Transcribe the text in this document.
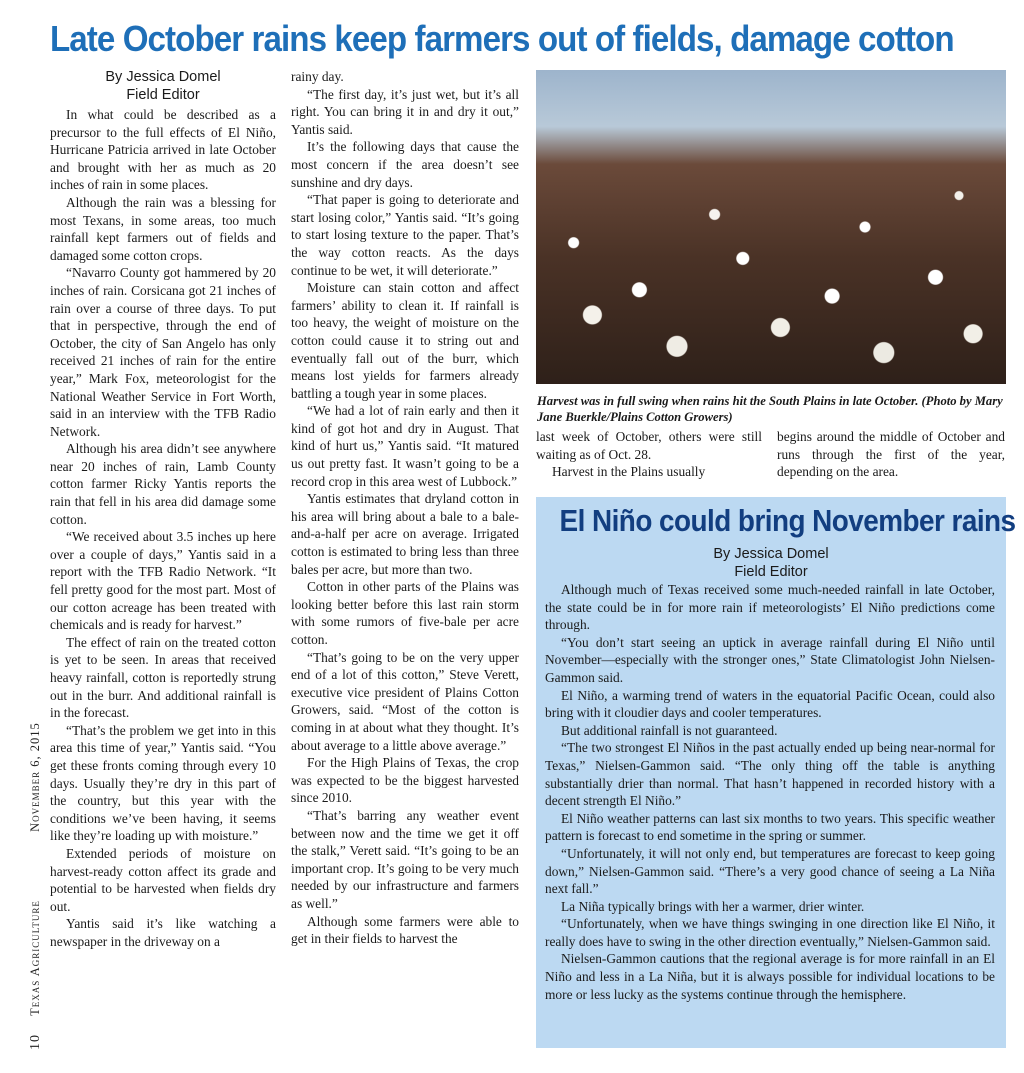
Late October rains keep farmers out of fields, damage cotton
By Jessica Domel
Field Editor

In what could be described as a precursor to the full effects of El Niño, Hurricane Patricia arrived in late October and brought with her as much as 20 inches of rain in some places.

Although the rain was a blessing for most Texans, in some areas, too much rainfall kept farmers out of fields and damaged some cotton crops.

“Navarro County got hammered by 20 inches of rain. Corsicana got 21 inches of rain over a course of three days. To put that in perspective, through the end of October, the city of San Angelo has only received 21 inches of rain for the entire year,” Mark Fox, meteorologist for the National Weather Service in Fort Worth, said in an interview with the TFB Radio Network.

Although his area didn’t see anywhere near 20 inches of rain, Lamb County cotton farmer Ricky Yantis reports the rain that fell in his area did damage some cotton.

“We received about 3.5 inches up here over a couple of days,” Yantis said in a report with the TFB Radio Network. “It fell pretty good for the most part. Most of our cotton acreage has been treated with chemicals and is ready for harvest.”

The effect of rain on the treated cotton is yet to be seen. In areas that received heavy rainfall, cotton is reportedly strung out in the burr. And additional rainfall is in the forecast.

“That’s the problem we get into in this area this time of year,” Yantis said. “You get these fronts coming through every 10 days. Usually they’re dry in this part of the country, but this year with the conditions we’ve been having, it seems like they’re loading up with moisture.”

Extended periods of moisture on harvest-ready cotton affect its grade and potential to be harvested when fields dry out.

Yantis said it’s like watching a newspaper in the driveway on a

rainy day.

“The first day, it’s just wet, but it’s all right. You can bring it in and dry it out,” Yantis said.

It’s the following days that cause the most concern if the area doesn’t see sunshine and dry days.

“That paper is going to deteriorate and start losing color,” Yantis said. “It’s going to start losing texture to the paper. That’s the way cotton reacts. As the days continue to be wet, it will deteriorate.”

Moisture can stain cotton and affect farmers’ ability to clean it. If rainfall is too heavy, the weight of moisture on the cotton could cause it to string out and eventually fall out of the burr, which means lost yields for farmers already battling a tough year in some places.

“We had a lot of rain early and then it kind of got hot and dry in August. That kind of hurt us,” Yantis said. “It matured us out pretty fast. It wasn’t going to be a record crop in this area west of Lubbock.”

Yantis estimates that dryland cotton in his area will bring about a bale to a bale-and-a-half per acre on average. Irrigated cotton is estimated to bring less than three bales per acre, but more than two.

Cotton in other parts of the Plains was looking better before this last rain storm with some rumors of five-bale per acre cotton.

“That’s going to be on the very upper end of a lot of this cotton,” Steve Verett, executive vice president of Plains Cotton Growers, said. “Most of the cotton is coming in at about what they thought. It’s about average to a little above average.”

For the High Plains of Texas, the crop was expected to be the biggest harvested since 2010.

“That’s barring any weather event between now and the time we get it off the stalk,” Verett said. “It’s going to be an important crop. It’s going to be very much needed by our infrastructure and farmers as well.”

Although some farmers were able to get in their fields to harvest the

Harvest was in full swing when rains hit the South Plains in late October. (Photo by Mary Jane Buerkle/Plains Cotton Growers)

last week of October, others were still waiting as of Oct. 28.

Harvest in the Plains usually

begins around the middle of October and runs through the first of the year, depending on the area.

El Niño could bring November rains
By Jessica Domel
Field Editor

Although much of Texas received some much-needed rainfall in late October, the state could be in for more rain if meteorologists’ El Niño predictions come through.

“You don’t start seeing an uptick in average rainfall during El Niño until November—especially with the stronger ones,” State Climatologist John Nielsen-Gammon said.

El Niño, a warming trend of waters in the equatorial Pacific Ocean, could also bring with it cloudier days and cooler temperatures.

But additional rainfall is not guaranteed.

“The two strongest El Niños in the past actually ended up being near-normal for Texas,” Nielsen-Gammon said. “The only thing off the table is anything substantially drier than normal. That hasn’t happened in recorded history with a decent strength El Niño.”

El Niño weather patterns can last six months to two years. This specific weather pattern is forecast to end sometime in the spring or summer.

“Unfortunately, it will not only end, but temperatures are forecast to keep going down,” Nielsen-Gammon said. “There’s a very good chance of seeing a La Niña next fall.”

La Niña typically brings with her a warmer, drier winter.

“Unfortunately, when we have things swinging in one direction like El Niño, it really does have to swing in the other direction eventually,” Nielsen-Gammon said.

Nielsen-Gammon cautions that the regional average is for more rainfall in an El Niño and less in a La Niña, but it is always possible for individual locations to be more or less lucky as the systems continue through the hemisphere.

10 Texas Agriculture  November 6, 2015
